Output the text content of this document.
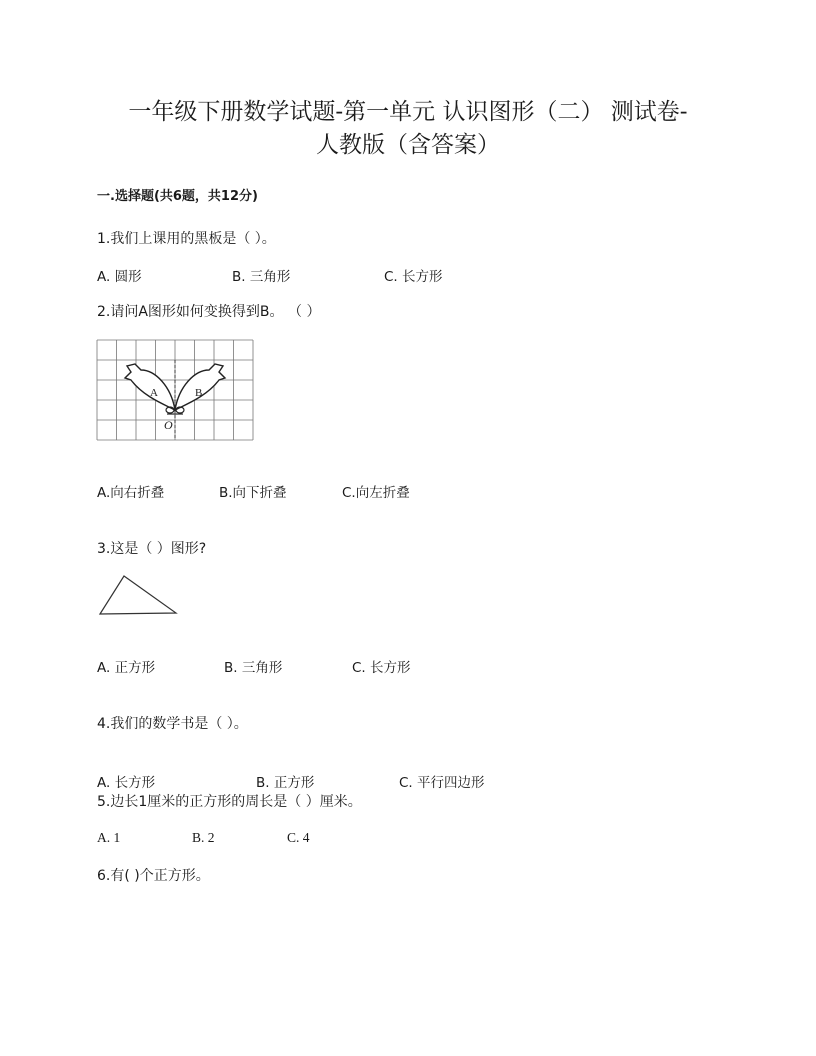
一年级下册数学试题-第一单元 认识图形（二） 测试卷-
人教版（含答案）
一.选择题(共6题，共12分)
1.我们上课用的黑板是（ ）。
A. 圆形	B. 三角形	C. 长方形
2.请问A图形如何变换得到B。 （ ）
A	B
O
A.向右折叠	B.向下折叠	C.向左折叠
3.这是（ ）图形?
A. 正方形	B. 三角形	C. 长方形
4.我们的数学书是（ ）。
A. 长方形	B. 正方形	C. 平行四边形
5.边长1厘米的正方形的周长是（ ）厘米。
A. 1	B. 2	C. 4
6.有( )个正方形。
